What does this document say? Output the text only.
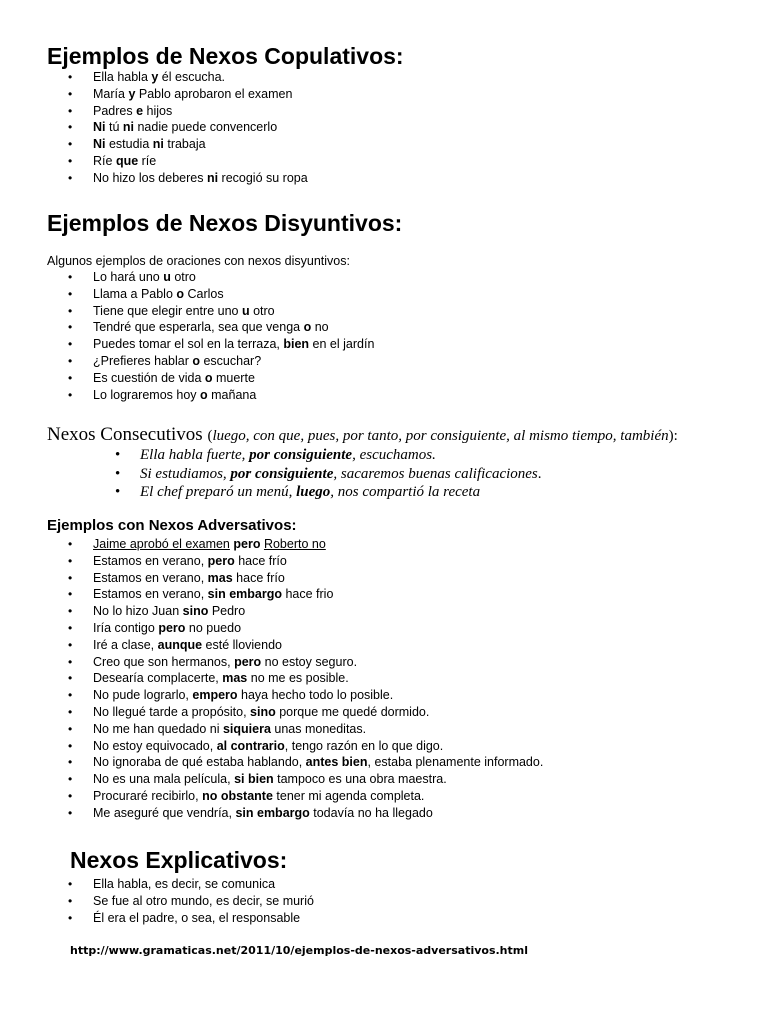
Ejemplos de Nexos Copulativos:
• Ella habla y él escucha.
• María y Pablo aprobaron el examen
• Padres e hijos
• Ni tú ni nadie puede convencerlo
• Ni estudia ni trabaja
• Ríe que ríe
• No hizo los deberes ni recogió su ropa
Ejemplos de Nexos Disyuntivos:
Algunos ejemplos de oraciones con nexos disyuntivos:
• Lo hará uno u otro
• Llama a Pablo o Carlos
• Tiene que elegir entre uno u otro
• Tendré que esperarla, sea que venga o no
• Puedes tomar el sol en la terraza, bien en el jardín
• ¿Prefieres hablar o escuchar?
• Es cuestión de vida o muerte
• Lo lograremos hoy o mañana
Nexos Consecutivos (luego, con que, pues, por tanto, por consiguiente, al mismo tiempo, también):
• Ella habla fuerte, por consiguiente, escuchamos.
• Si estudiamos, por consiguiente, sacaremos buenas calificaciones.
• El chef preparó un menú, luego, nos compartió la receta
Ejemplos con Nexos Adversativos:
• Jaime aprobó el examen pero Roberto no
• Estamos en verano, pero hace frío
• Estamos en verano, mas hace frío
• Estamos en verano, sin embargo hace frio
• No lo hizo Juan sino Pedro
• Iría contigo pero no puedo
• Iré a clase, aunque esté lloviendo
• Creo que son hermanos, pero no estoy seguro.
• Desearía complacerte, mas no me es posible.
• No pude lograrlo, empero haya hecho todo lo posible.
• No llegué tarde a propósito, sino porque me quedé dormido.
• No me han quedado ni siquiera unas moneditas.
• No estoy equivocado, al contrario, tengo razón en lo que digo.
• No ignoraba de qué estaba hablando, antes bien, estaba plenamente informado.
• No es una mala película, si bien tampoco es una obra maestra.
• Procuraré recibirlo, no obstante tener mi agenda completa.
• Me aseguré que vendría, sin embargo todavía no ha llegado
Nexos Explicativos:
• Ella habla, es decir, se comunica
• Se fue al otro mundo, es decir, se murió
• Él era el padre, o sea, el responsable
http://www.gramaticas.net/2011/10/ejemplos-de-nexos-adversativos.html
